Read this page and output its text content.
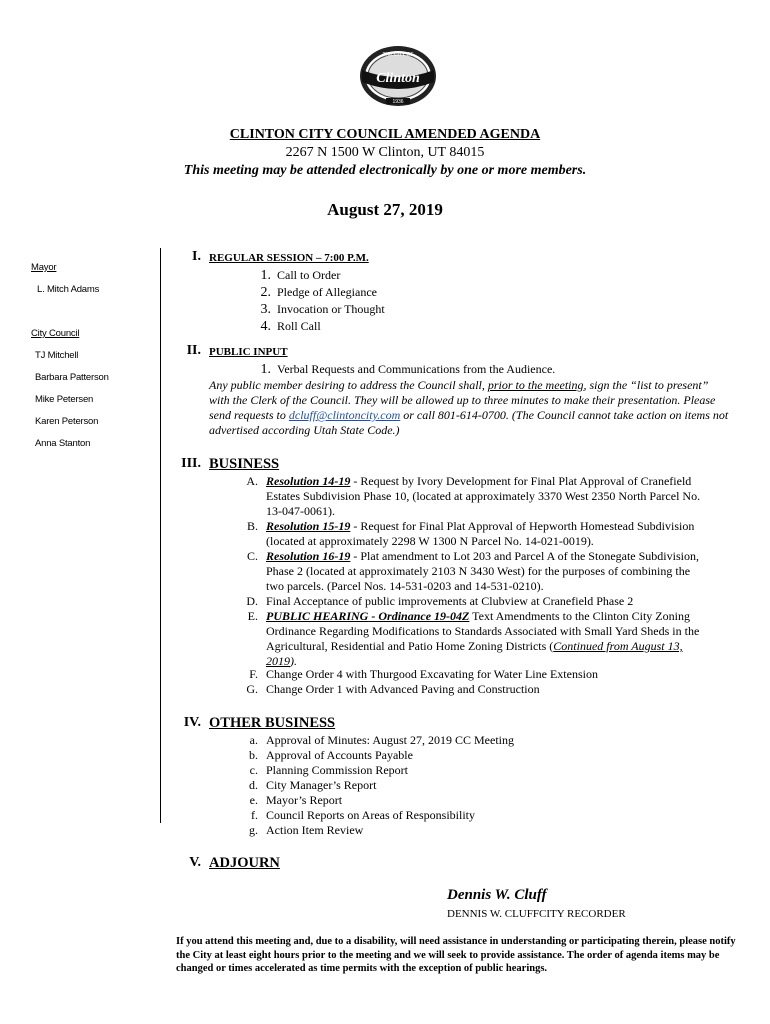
THE CITY OF
Clinton
1936
CLINTON CITY COUNCIL AMENDED AGENDA
2267 N 1500 W Clinton, UT 84015
This meeting may be attended electronically by one or more members.
August 27, 2019
Mayor
L. Mitch Adams
City Council
TJ Mitchell
Barbara Patterson
Mike Petersen
Karen Peterson
Anna Stanton
I. REGULAR SESSION – 7:00 P.M.
1. Call to Order
2. Pledge of Allegiance
3. Invocation or Thought
4. Roll Call
II. PUBLIC INPUT
1. Verbal Requests and Communications from the Audience.
Any public member desiring to address the Council shall, prior to the meeting, sign the “list to present” with the Clerk of the Council. They will be allowed up to three minutes to make their presentation. Please send requests to dcluff@clintoncity.com or call 801-614-0700. (The Council cannot take action on items not advertised according Utah State Code.)
III. BUSINESS
A. Resolution 14-19 - Request by Ivory Development for Final Plat Approval of Cranefield
Estates Subdivision Phase 10, (located at approximately 3370 West 2350 North Parcel No.
13-047-0061).
B. Resolution 15-19 - Request for Final Plat Approval of Hepworth Homestead Subdivision
(located at approximately 2298 W 1300 N Parcel No. 14-021-0019).
C. Resolution 16-19 - Plat amendment to Lot 203 and Parcel A of the Stonegate Subdivision,
Phase 2 (located at approximately 2103 N 3430 West) for the purposes of combining the
two parcels. (Parcel Nos. 14-531-0203 and 14-531-0210).
D. Final Acceptance of public improvements at Clubview at Cranefield Phase 2
E. PUBLIC HEARING - Ordinance 19-04Z Text Amendments to the Clinton City Zoning
Ordinance Regarding Modifications to Standards Associated with Small Yard Sheds in the
Agricultural, Residential and Patio Home Zoning Districts (Continued from August 13,
2019).
F. Change Order 4 with Thurgood Excavating for Water Line Extension
G. Change Order 1 with Advanced Paving and Construction
IV. OTHER BUSINESS
a. Approval of Minutes: August 27, 2019 CC Meeting
b. Approval of Accounts Payable
c. Planning Commission Report
d. City Manager’s Report
e. Mayor’s Report
f. Council Reports on Areas of Responsibility
g. Action Item Review
V. ADJOURN
Dennis W. Cluff
DENNIS W. CLUFFCITY RECORDER
If you attend this meeting and, due to a disability, will need assistance in understanding or participating therein, please notify the City at least eight hours prior to the meeting and we will seek to provide assistance. The order of agenda items may be changed or times accelerated as time permits with the exception of public hearings.
